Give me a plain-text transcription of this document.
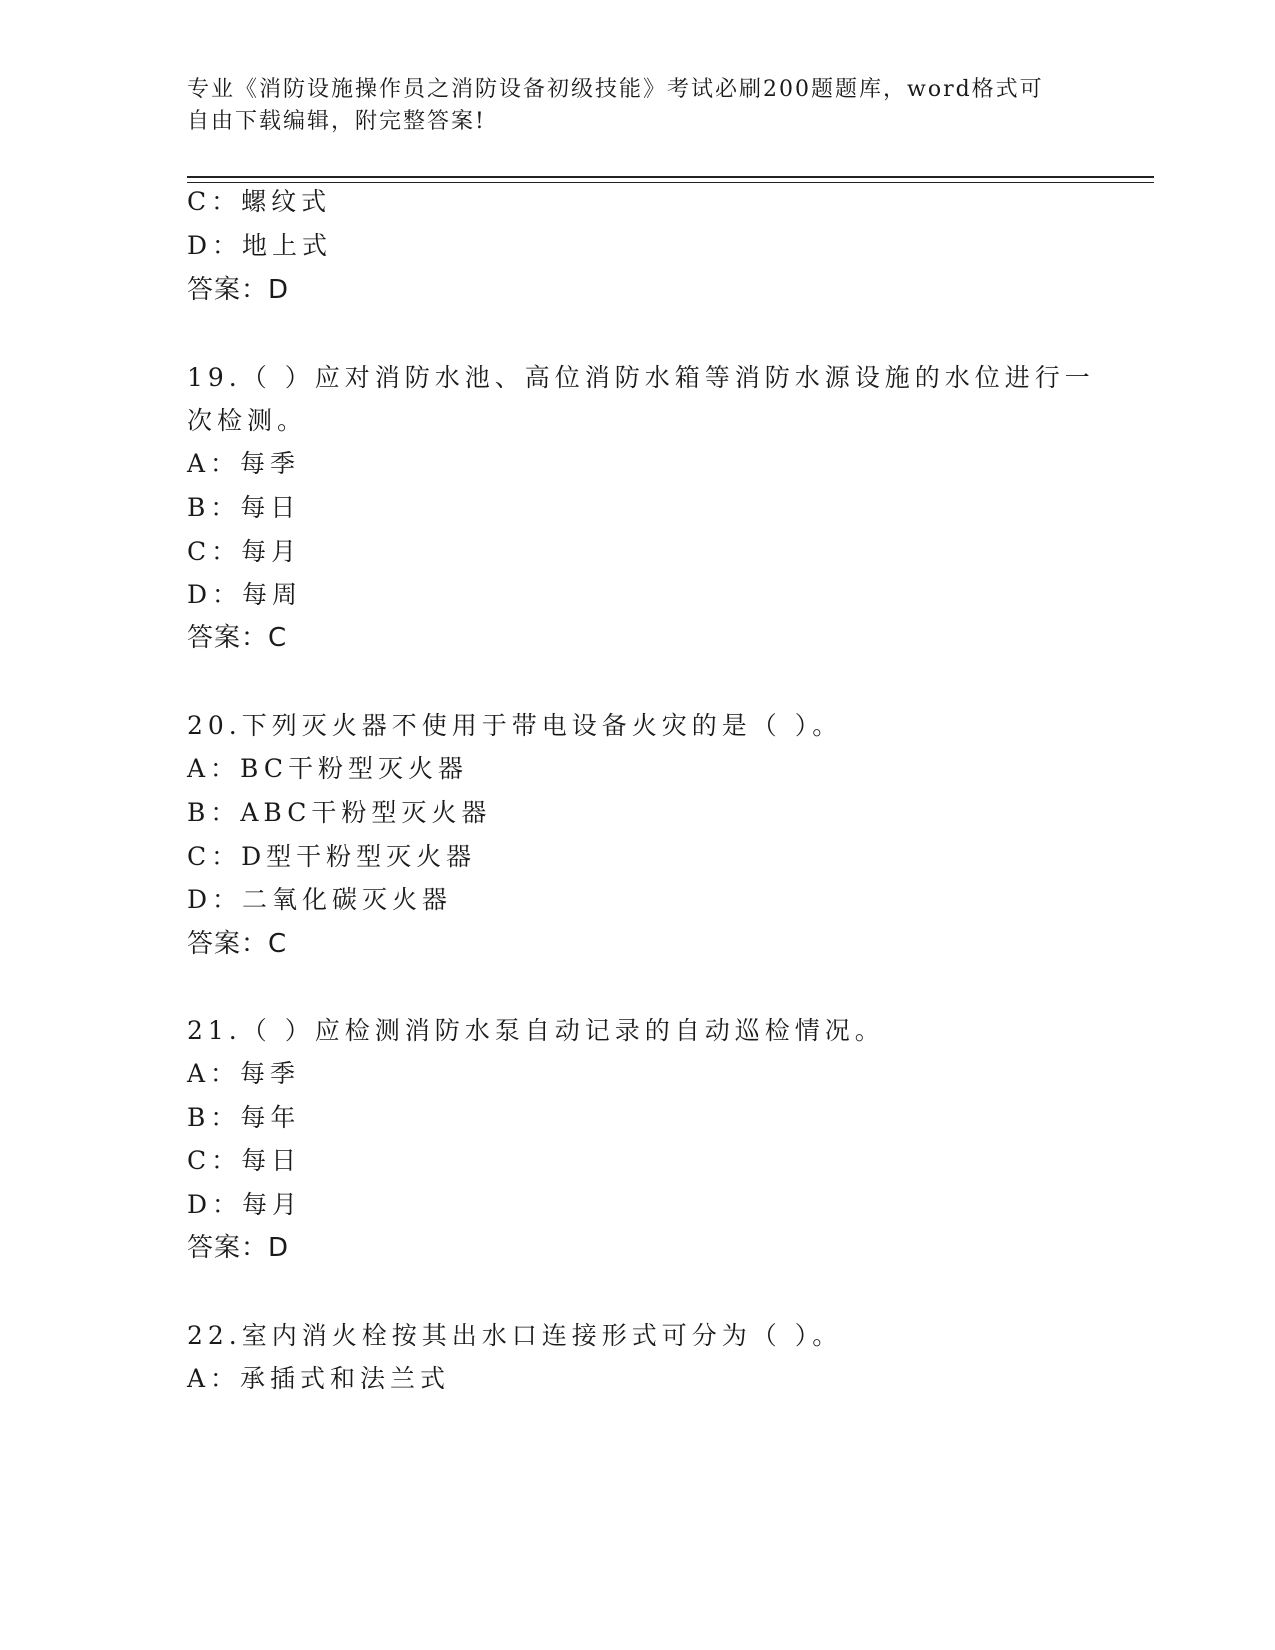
专业《消防设施操作员之消防设备初级技能》考试必刷200题题库，word格式可
自由下载编辑，附完整答案!
C：螺纹式
D：地上式
答案：D
19.（ ）应对消防水池、高位消防水箱等消防水源设施的水位进行一
次检测。
A：每季
B：每日
C：每月
D：每周
答案：C
20.下列灭火器不使用于带电设备火灾的是（ ）。
A：BC干粉型灭火器
B：ABC干粉型灭火器
C：D型干粉型灭火器
D：二氧化碳灭火器
答案：C
21.（ ）应检测消防水泵自动记录的自动巡检情况。
A：每季
B：每年
C：每日
D：每月
答案：D
22.室内消火栓按其出水口连接形式可分为（ ）。
A：承插式和法兰式
